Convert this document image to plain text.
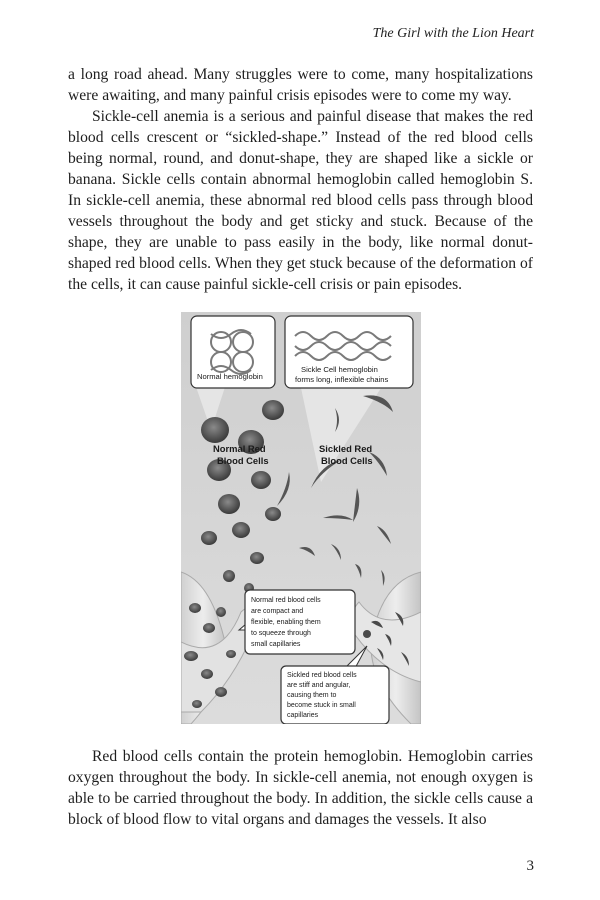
The Girl with the Lion Heart

a long road ahead. Many struggles were to come, many hospitalizations were awaiting, and many painful crisis episodes were to come my way.

Sickle-cell anemia is a serious and painful disease that makes the red blood cells crescent or “sickled-shape.” Instead of the red blood cells being normal, round, and donut-shape, they are shaped like a sickle or banana. Sickle cells contain abnormal hemoglobin called hemoglobin S. In sickle-cell anemia, these abnormal red blood cells pass through blood vessels throughout the body and get sticky and stuck. Because of the shape, they are unable to pass easily in the body, like normal donut-shaped red blood cells. When they get stuck because of the deformation of the cells, it can cause painful sickle-cell crisis or pain episodes.

Normal hemoglobin
Sickle Cell hemoglobin
forms long, inflexible chains
Normal Red
Blood Cells
Sickled Red
Blood Cells
Normal red blood cells
are compact and
flexible, enabling them
to squeeze through
small capillaries
Sickled red blood cells
are stiff and angular,
causing them to
become stuck in small
capillaries

Red blood cells contain the protein hemoglobin. Hemoglobin carries oxygen throughout the body. In sickle-cell anemia, not enough oxygen is able to be carried throughout the body. In addition, the sickle cells cause a block of blood flow to vital organs and damages the vessels. It also

3
